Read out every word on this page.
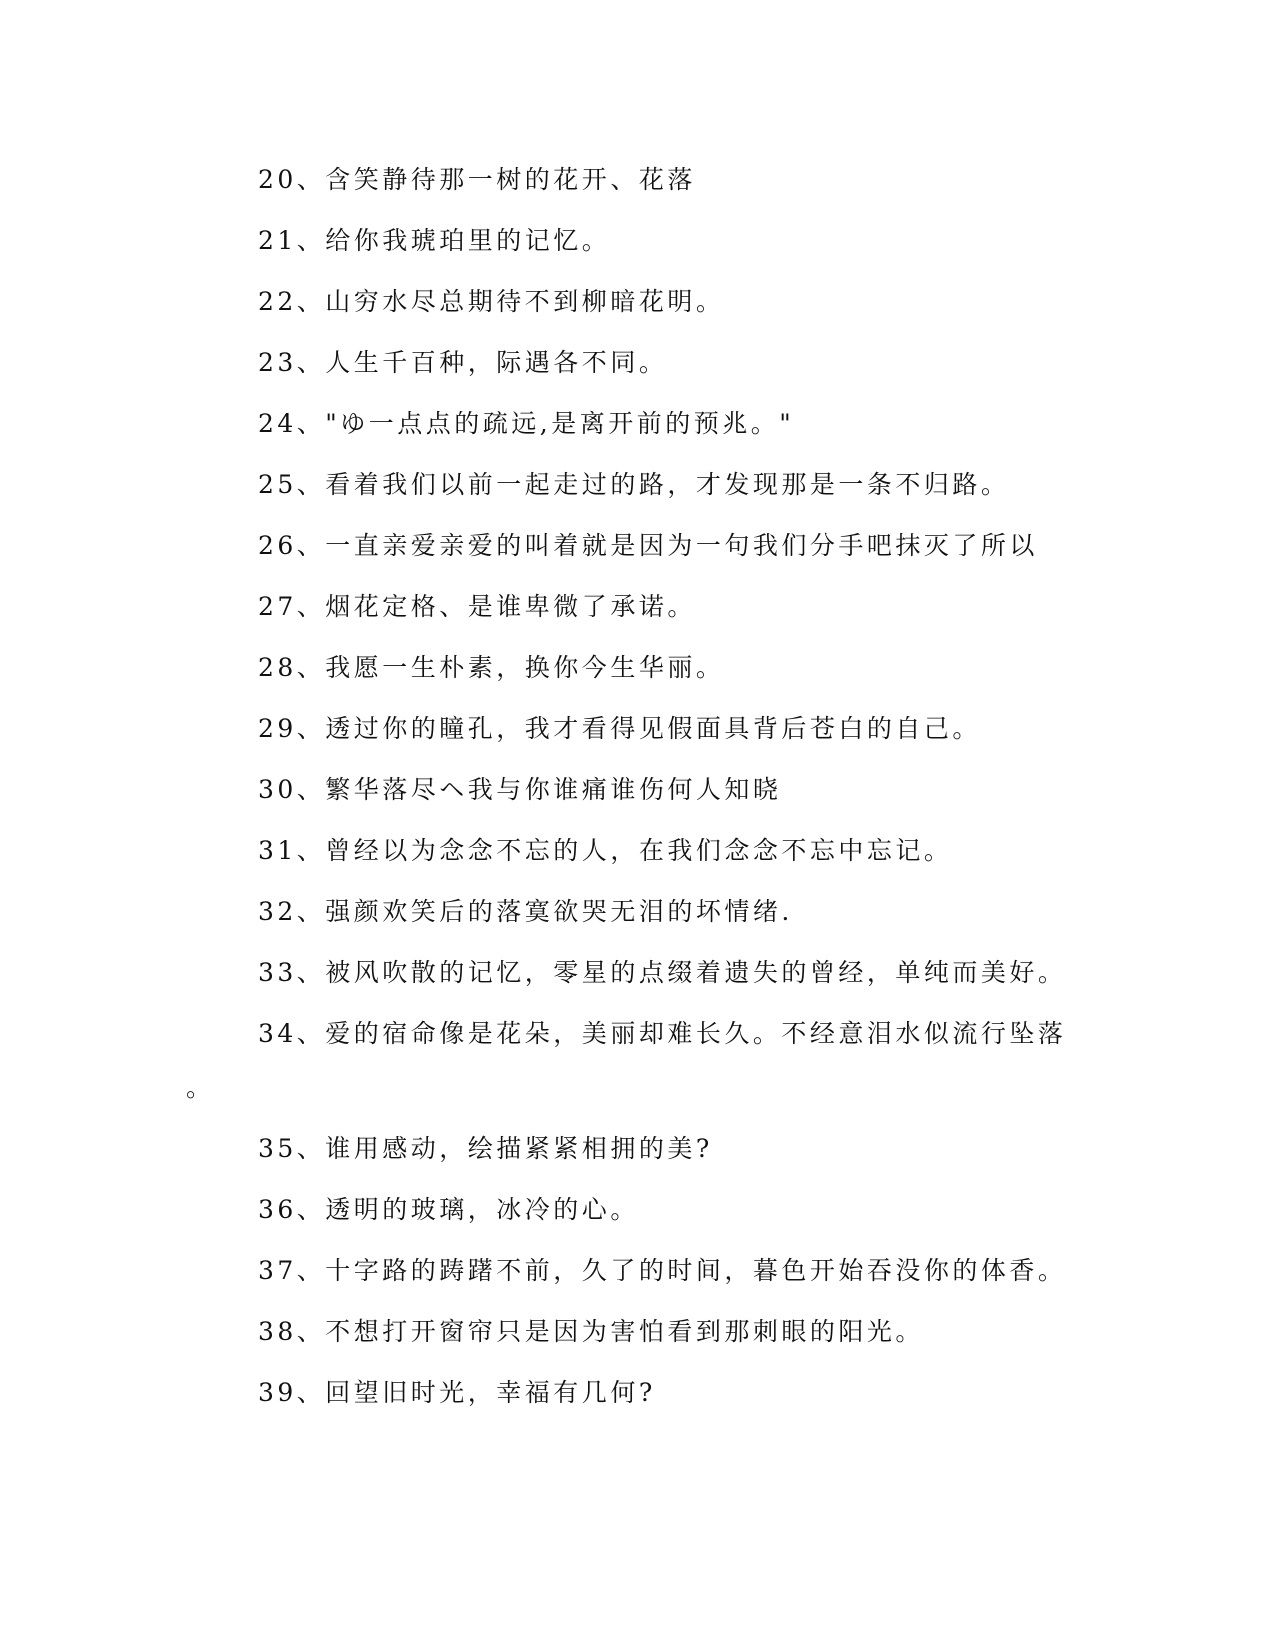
20、含笑静待那一树的花开、花落
21、给你我琥珀里的记忆。
22、山穷水尽总期待不到柳暗花明。
23、人生千百种，际遇各不同。
24、"ゆ一点点的疏远,是离开前的预兆。"
25、看着我们以前一起走过的路，才发现那是一条不归路。
26、一直亲爱亲爱的叫着就是因为一句我们分手吧抹灭了所以
27、烟花定格、是谁卑微了承诺。
28、我愿一生朴素，换你今生华丽。
29、透过你的瞳孔，我才看得见假面具背后苍白的自己。
30、繁华落尽ヘ我与你谁痛谁伤何人知晓
31、曾经以为念念不忘的人，在我们念念不忘中忘记。
32、强颜欢笑后的落寞欲哭无泪的坏情绪.
33、被风吹散的记忆，零星的点缀着遗失的曾经，单纯而美好。
34、爱的宿命像是花朵，美丽却难长久。不经意泪水似流行坠落
。
35、谁用感动，绘描紧紧相拥的美?
36、透明的玻璃，冰冷的心。
37、十字路的踌躇不前，久了的时间，暮色开始吞没你的体香。
38、不想打开窗帘只是因为害怕看到那刺眼的阳光。
39、回望旧时光，幸福有几何?
